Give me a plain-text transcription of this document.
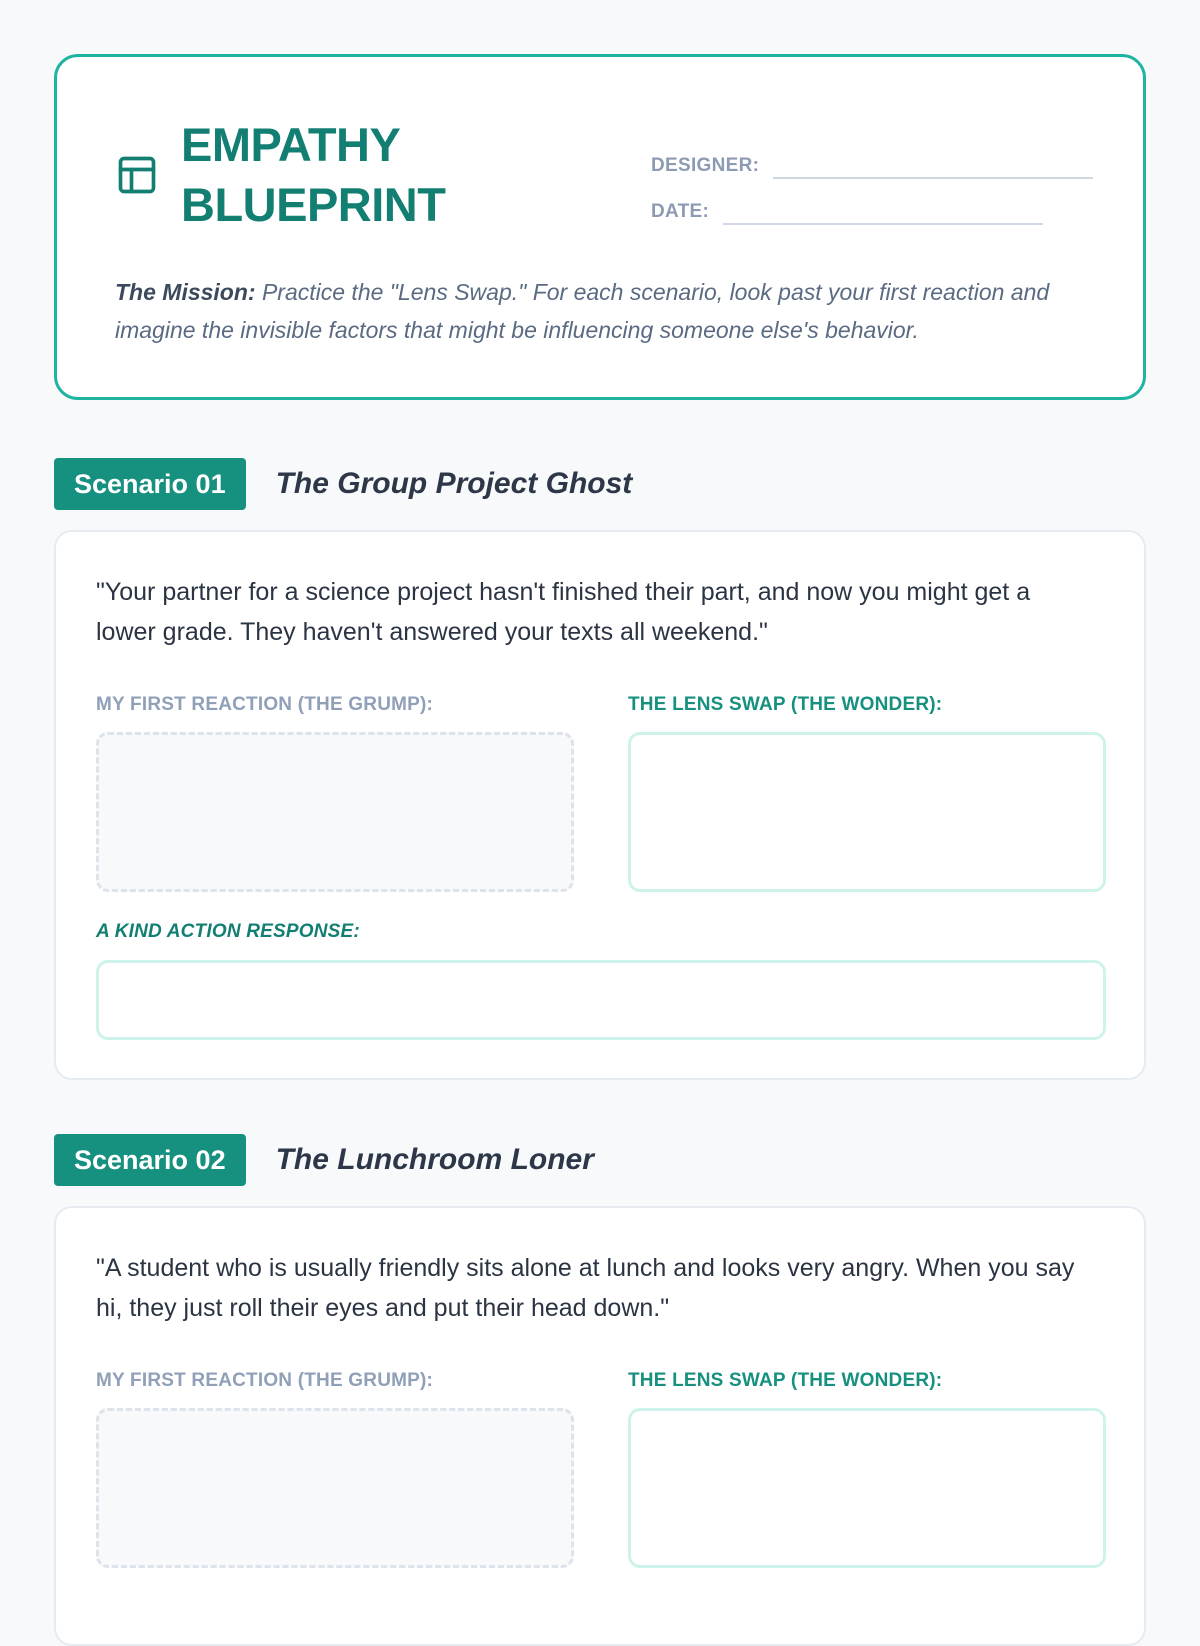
EMPATHY
BLUEPRINT
DESIGNER:
DATE:
The Mission: Practice the "Lens Swap." For each scenario, look past your first reaction and imagine the invisible factors that might be influencing someone else's behavior.
Scenario 01	The Group Project Ghost

"Your partner for a science project hasn't finished their part, and now you might get a lower grade. They haven't answered your texts all weekend."

MY FIRST REACTION (THE GRUMP):	THE LENS SWAP (THE WONDER):
A KIND ACTION RESPONSE:
Scenario 02	The Lunchroom Loner

"A student who is usually friendly sits alone at lunch and looks very angry. When you say hi, they just roll their eyes and put their head down."

MY FIRST REACTION (THE GRUMP):	THE LENS SWAP (THE WONDER):
